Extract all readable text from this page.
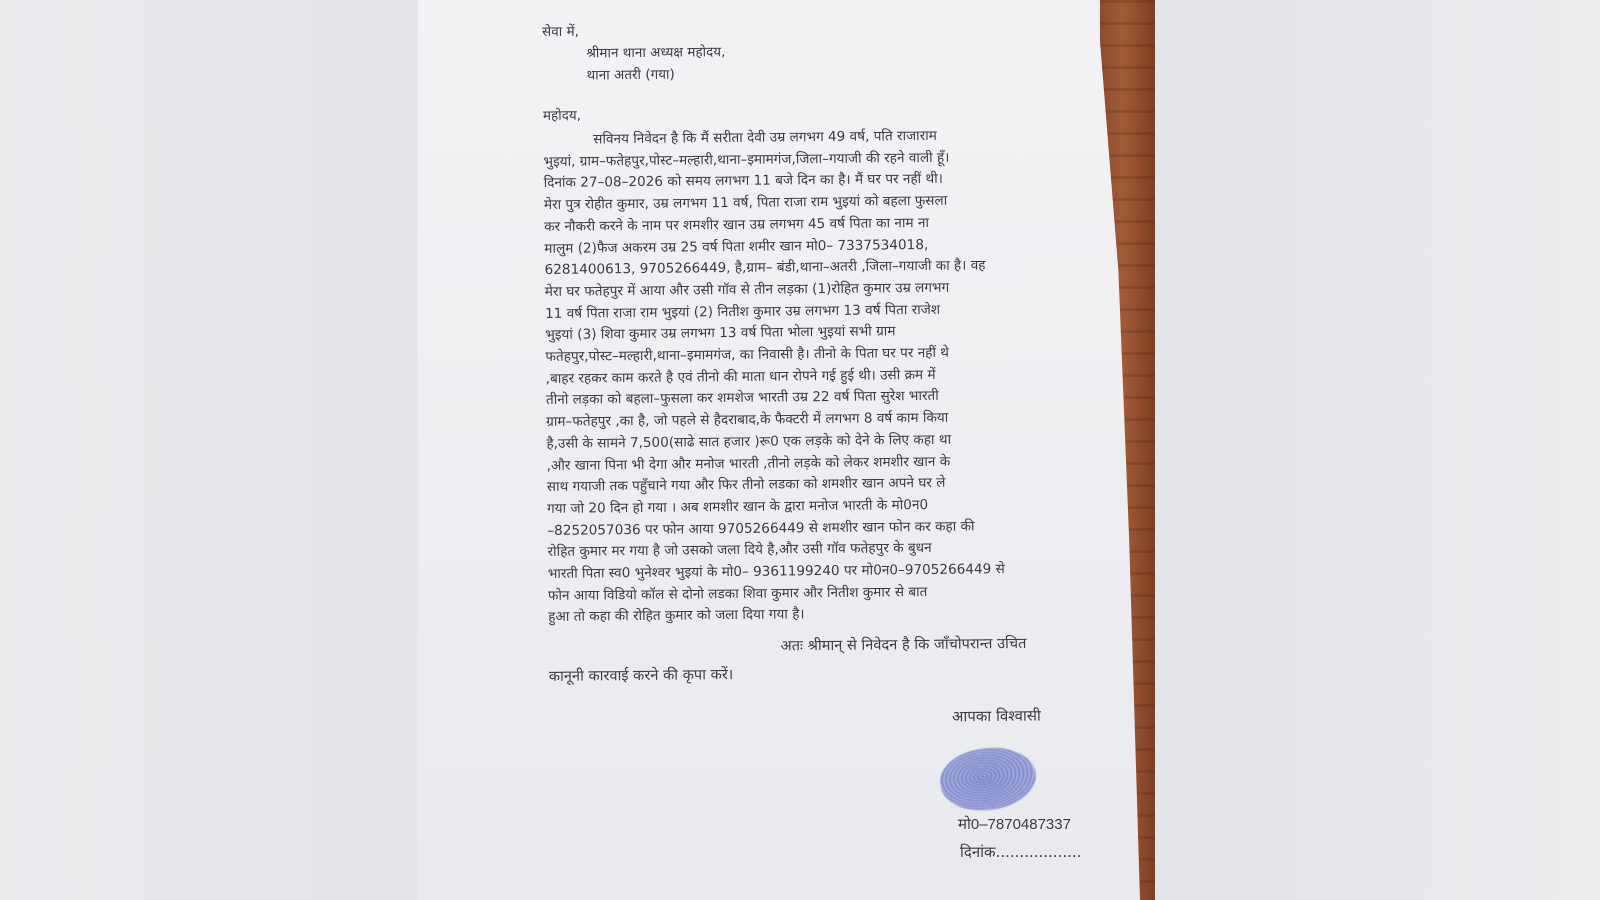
सेवा में,
श्रीमान थाना अध्यक्ष महोदय,
थाना अतरी (गया)
महोदय,
सविनय निवेदन है कि मैं सरीता देवी उम्र लगभग 49 वर्ष, पति राजाराम
भुइयां, ग्राम–फतेहपुर,पोस्ट–मल्हारी,थाना–इमामगंज,जिला–गयाजी की रहने वाली हूँ।
दिनांक 27–08–2026 को समय लगभग 11 बजे दिन का है। मैं घर पर नहीं थी।
मेरा पुत्र रोहीत कुमार, उम्र लगभग 11 वर्ष, पिता राजा राम भुइयां को बहला फुसला
कर नौकरी करने के नाम पर शमशीर खान उम्र लगभग 45 वर्ष पिता का नाम ना
मालुम (2)फैज अकरम उम्र 25 वर्ष पिता शमीर खान मो0– 7337534018,
6281400613, 9705266449, है,ग्राम– बंडी,थाना–अतरी ,जिला–गयाजी का है। वह
मेरा घर फतेहपुर में आया और उसी गॉव से तीन लड़का (1)रोहित कुमार उम्र लगभग
11 वर्ष पिता राजा राम भुइयां (2) नितीश कुमार उम्र लगभग 13 वर्ष पिता राजेश
भुइयां (3) शिवा कुमार उम्र लगभग 13 वर्ष पिता भोला भुइयां सभी ग्राम
फतेहपुर,पोस्ट–मल्हारी,थाना–इमामगंज, का निवासी है। तीनो के पिता घर पर नहीं थे
,बाहर रहकर काम करते है एवं तीनो की माता धान रोपने गई हुई थी। उसी क्रम में
तीनो लड़का को बहला–फुसला कर शमशेज भारती उम्र 22 वर्ष पिता सुरेश भारती
ग्राम–फतेहपुर ,का है, जो पहले से हैदराबाद,के फैक्टरी में लगभग 8 वर्ष काम किया
है,उसी के सामने 7,500(साढे सात हजार )रू0 एक लड़के को देने के लिए कहा था
,और खाना पिना भी देगा और मनोज भारती ,तीनो लड़के को लेकर शमशीर खान के
साथ गयाजी तक पहुँचाने गया और फिर तीनो लडका को शमशीर खान अपने घर ले
गया जो 20 दिन हो गया । अब शमशीर खान के द्वारा मनोज भारती के मो0न0
–8252057036 पर फोन आया 9705266449 से शमशीर खान फोन कर कहा की
रोहित कुमार मर गया है जो उसको जला दिये है,और उसी गॉव फतेहपुर के बुधन
भारती पिता स्व0 भुनेश्वर भुइयां के मो0– 9361199240 पर मो0न0–9705266449 से
फोन आया विडियो कॉल से दोनो लडका शिवा कुमार और नितीश कुमार से बात
हुआ तो कहा की रोहित कुमार को जला दिया गया है।
अतः श्रीमान् से निवेदन है कि जाँचोपरान्त उचित
कानूनी कारवाई करने की कृपा करें।
आपका विश्वासी
मो0–7870487337
दिनांक..................
